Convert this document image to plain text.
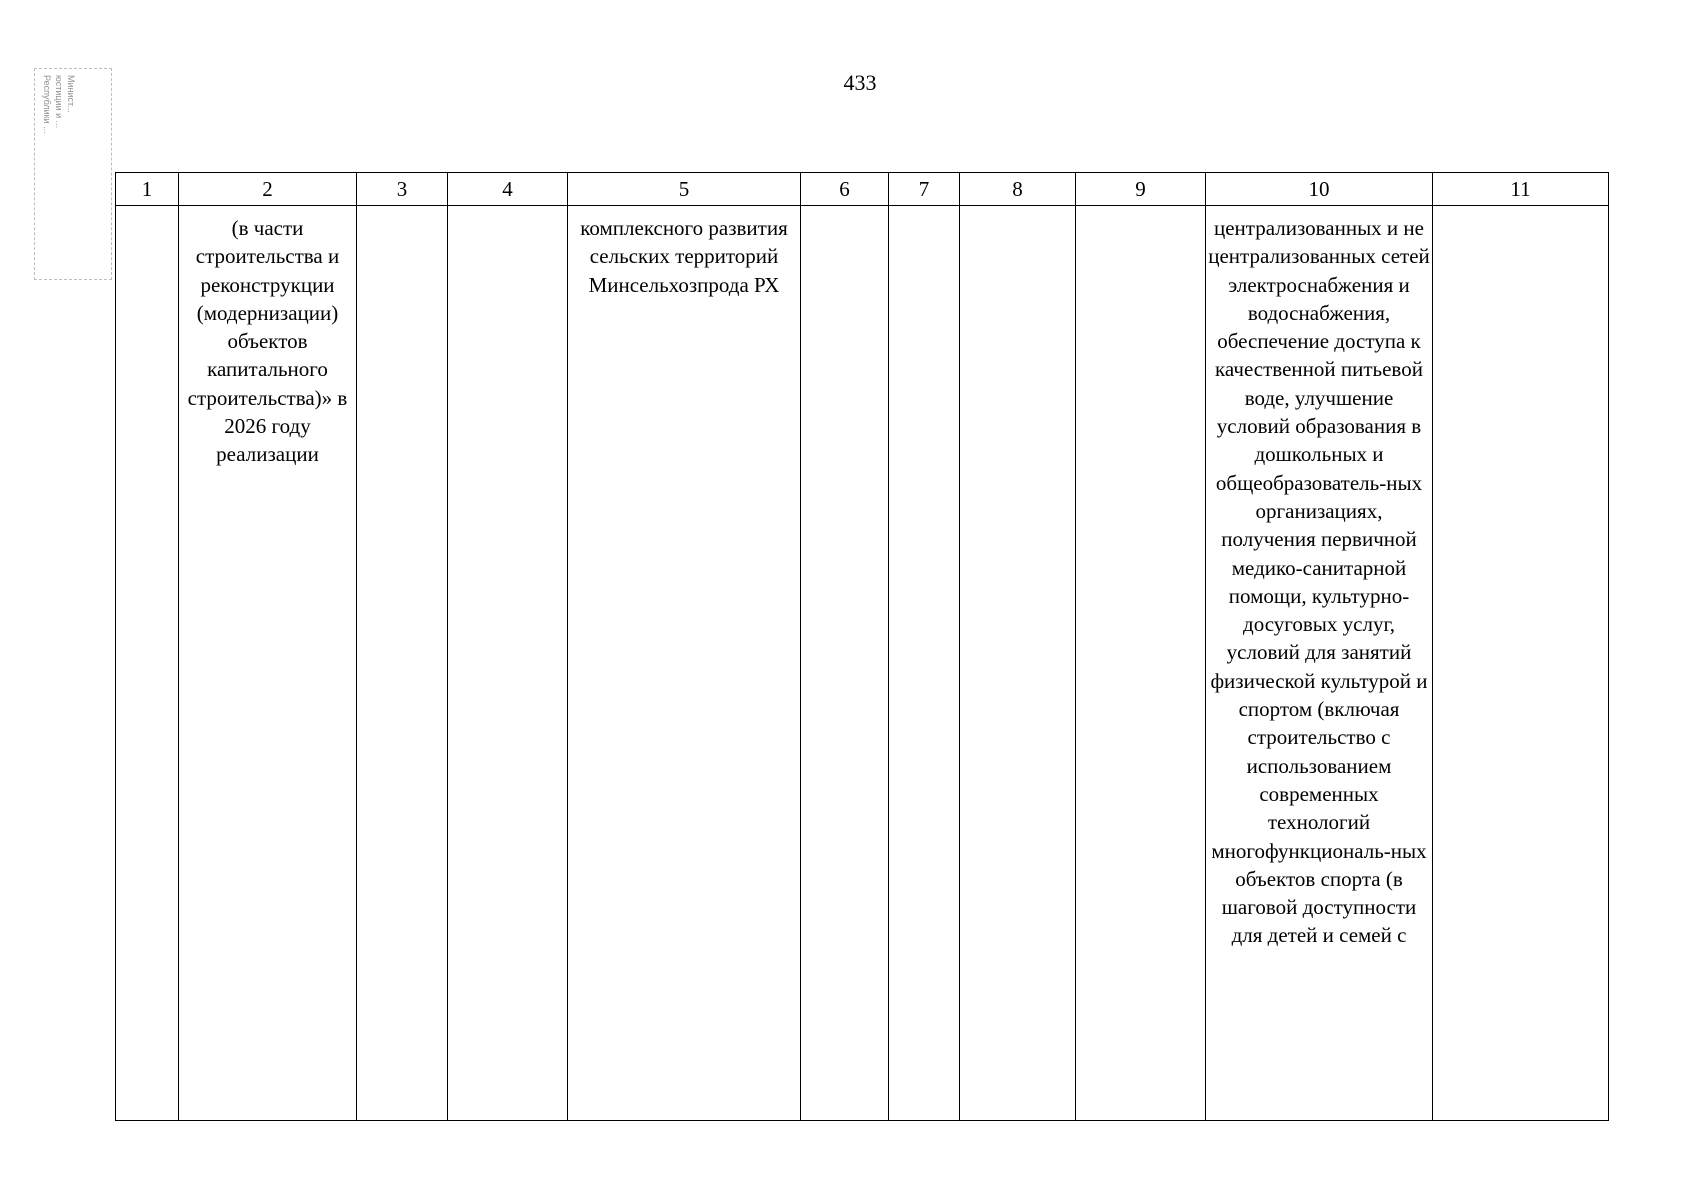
433
Минист...
юстиции и ...
Республики ...
1	2	3	4	5	6	7	8	9	10	11
	(в части строительства и реконструкции (модернизации) объектов капитального строительства)» в 2026 году реализации			комплексного развития сельских территорий Минсельхозпрода РХ					централизованных и не централизованных сетей электроснабжения и водоснабжения, обеспечение доступа к качественной питьевой воде, улучшение условий образования в дошкольных и общеобразователь-ных организациях, получения первичной медико-санитарной помощи, культурно-досуговых услуг, условий для занятий физической культурой и спортом (включая строительство с использованием современных технологий многофункциональ-ных объектов спорта (в шаговой доступности для детей и семей с	
